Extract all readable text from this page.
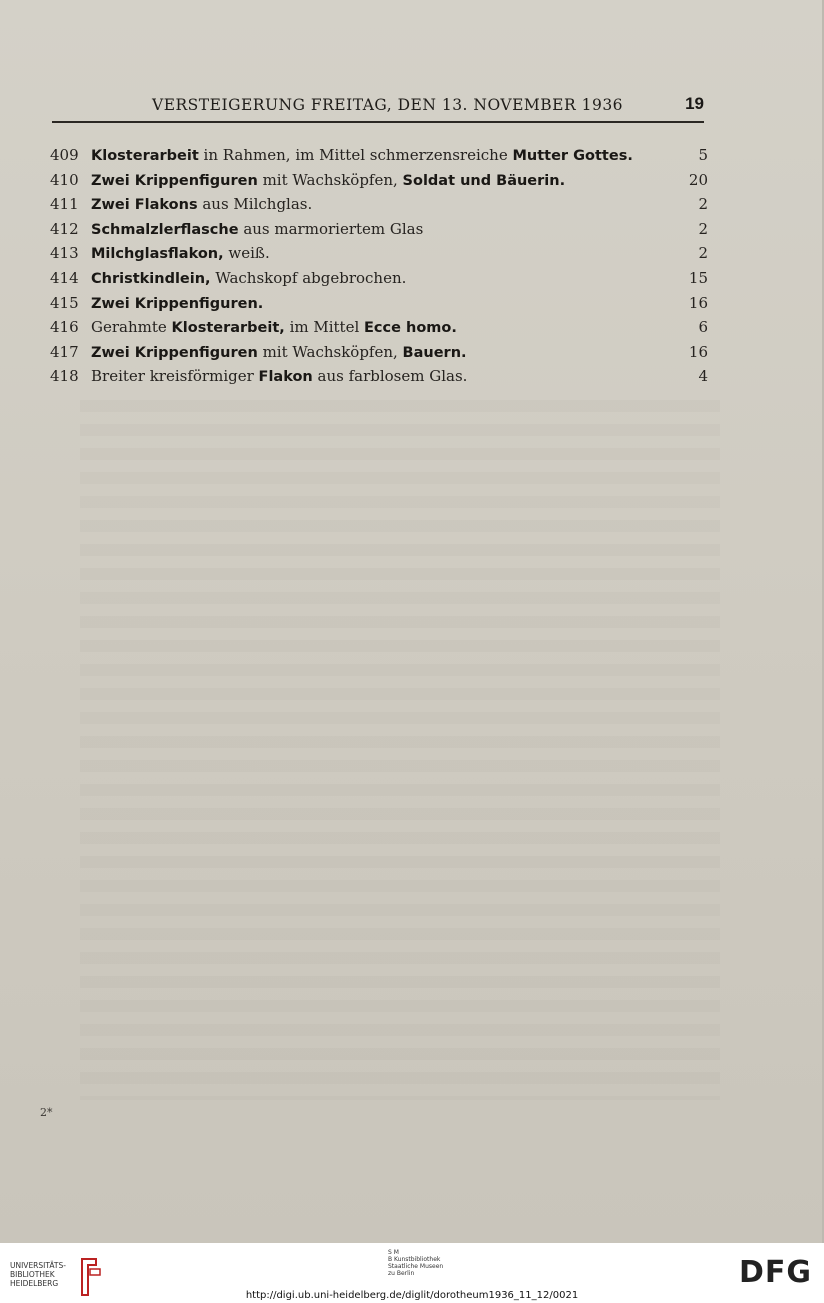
VERSTEIGERUNG FREITAG, DEN 13. NOVEMBER 1936	19
409 Klosterarbeit in Rahmen, im Mittel schmerzensreiche Mutter Gottes.	5
410 Zwei Krippenfiguren mit Wachsköpfen, Soldat und Bäuerin.	20
411 Zwei Flakons aus Milchglas.	2
412 Schmalzlerflasche aus marmoriertem Glas	2
413 Milchglasflakon, weiß.	2
414 Christkindlein, Wachskopf abgebrochen.	15
415 Zwei Krippenfiguren.	16
416 Gerahmte Klosterarbeit, im Mittel Ecce homo.	6
417 Zwei Krippenfiguren mit Wachsköpfen, Bauern.	16
418 Breiter kreisförmiger Flakon aus farblosem Glas.	4
2*
UNIVERSITÄTS-
BIBLIOTHEK
HEIDELBERG
S M
B Kunstbibliothek
Staatliche Museen
zu Berlin	DFG
http://digi.ub.uni-heidelberg.de/diglit/dorotheum1936_11_12/0021
